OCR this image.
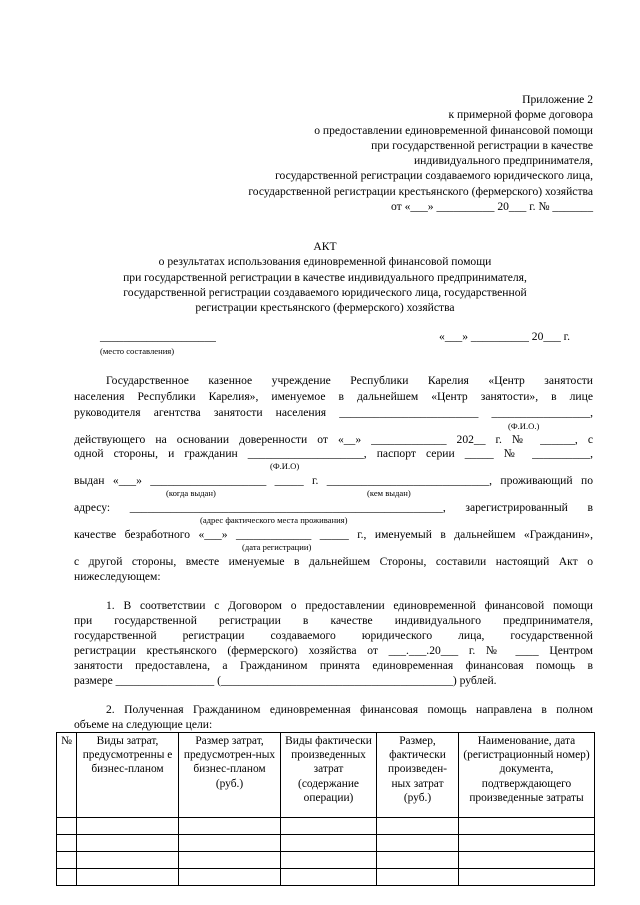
Приложение 2
к примерной форме договора
о предоставлении единовременной финансовой помощи
при государственной регистрации в качестве
индивидуального предпринимателя,
государственной регистрации создаваемого юридического лица,
государственной регистрации крестьянского (фермерского) хозяйства
от «___» __________ 20___ г. № _______
АКТ
о результатах использования единовременной финансовой помощи
при государственной регистрации в качестве индивидуального предпринимателя,
государственной регистрации создаваемого юридического лица, государственной
регистрации крестьянского (фермерского) хозяйства
____________________
(место составления)
«___» __________ 20___ г.
Государственное казенное учреждение Республики Карелия «Центр занятости
населения Республики Карелия», именуемое в дальнейшем «Центр занятости», в лице
руководителя агентства занятости населения ________________________ _________________,
(Ф.И.О.)
действующего на основании доверенности от «__» _____________ 202__ г. № ______, с
одной стороны, и гражданин ____________________, паспорт серии _____ № __________,
(Ф.И.О)
выдан «___» ____________________ _____ г. ____________________________, проживающий по
(когда выдан)	(кем выдан)
адресу: ______________________________________________________, зарегистрированный в
(адрес фактического места проживания)
качестве безработного «___» _____________ _____ г., именуемый в дальнейшем «Гражданин»,
(дата регистрации)
с другой стороны, вместе именуемые в дальнейшем Стороны, составили настоящий Акт о
нижеследующем:
1. В соответствии с Договором о предоставлении единовременной финансовой помощи
при государственной регистрации в качестве индивидуального предпринимателя,
государственной регистрации создаваемого юридического лица, государственной
регистрации крестьянского (фермерского) хозяйства от ___.___.20___ г. № ____ Центром
занятости предоставлена, а Гражданином принята единовременная финансовая помощь в
размере _________________ (________________________________________) рублей.
2. Полученная Гражданином единовременная финансовая помощь направлена в полном
объеме на следующие цели:
№	Виды затрат, предусмотренны е бизнес-планом	Размер затрат, предусмотрен-ных бизнес-планом (руб.)	Виды фактически произведенных затрат (содержание операции)	Размер, фактически произведен-ных затрат (руб.)	Наименование, дата (регистрационный номер) документа, подтверждающего произведенные затраты
